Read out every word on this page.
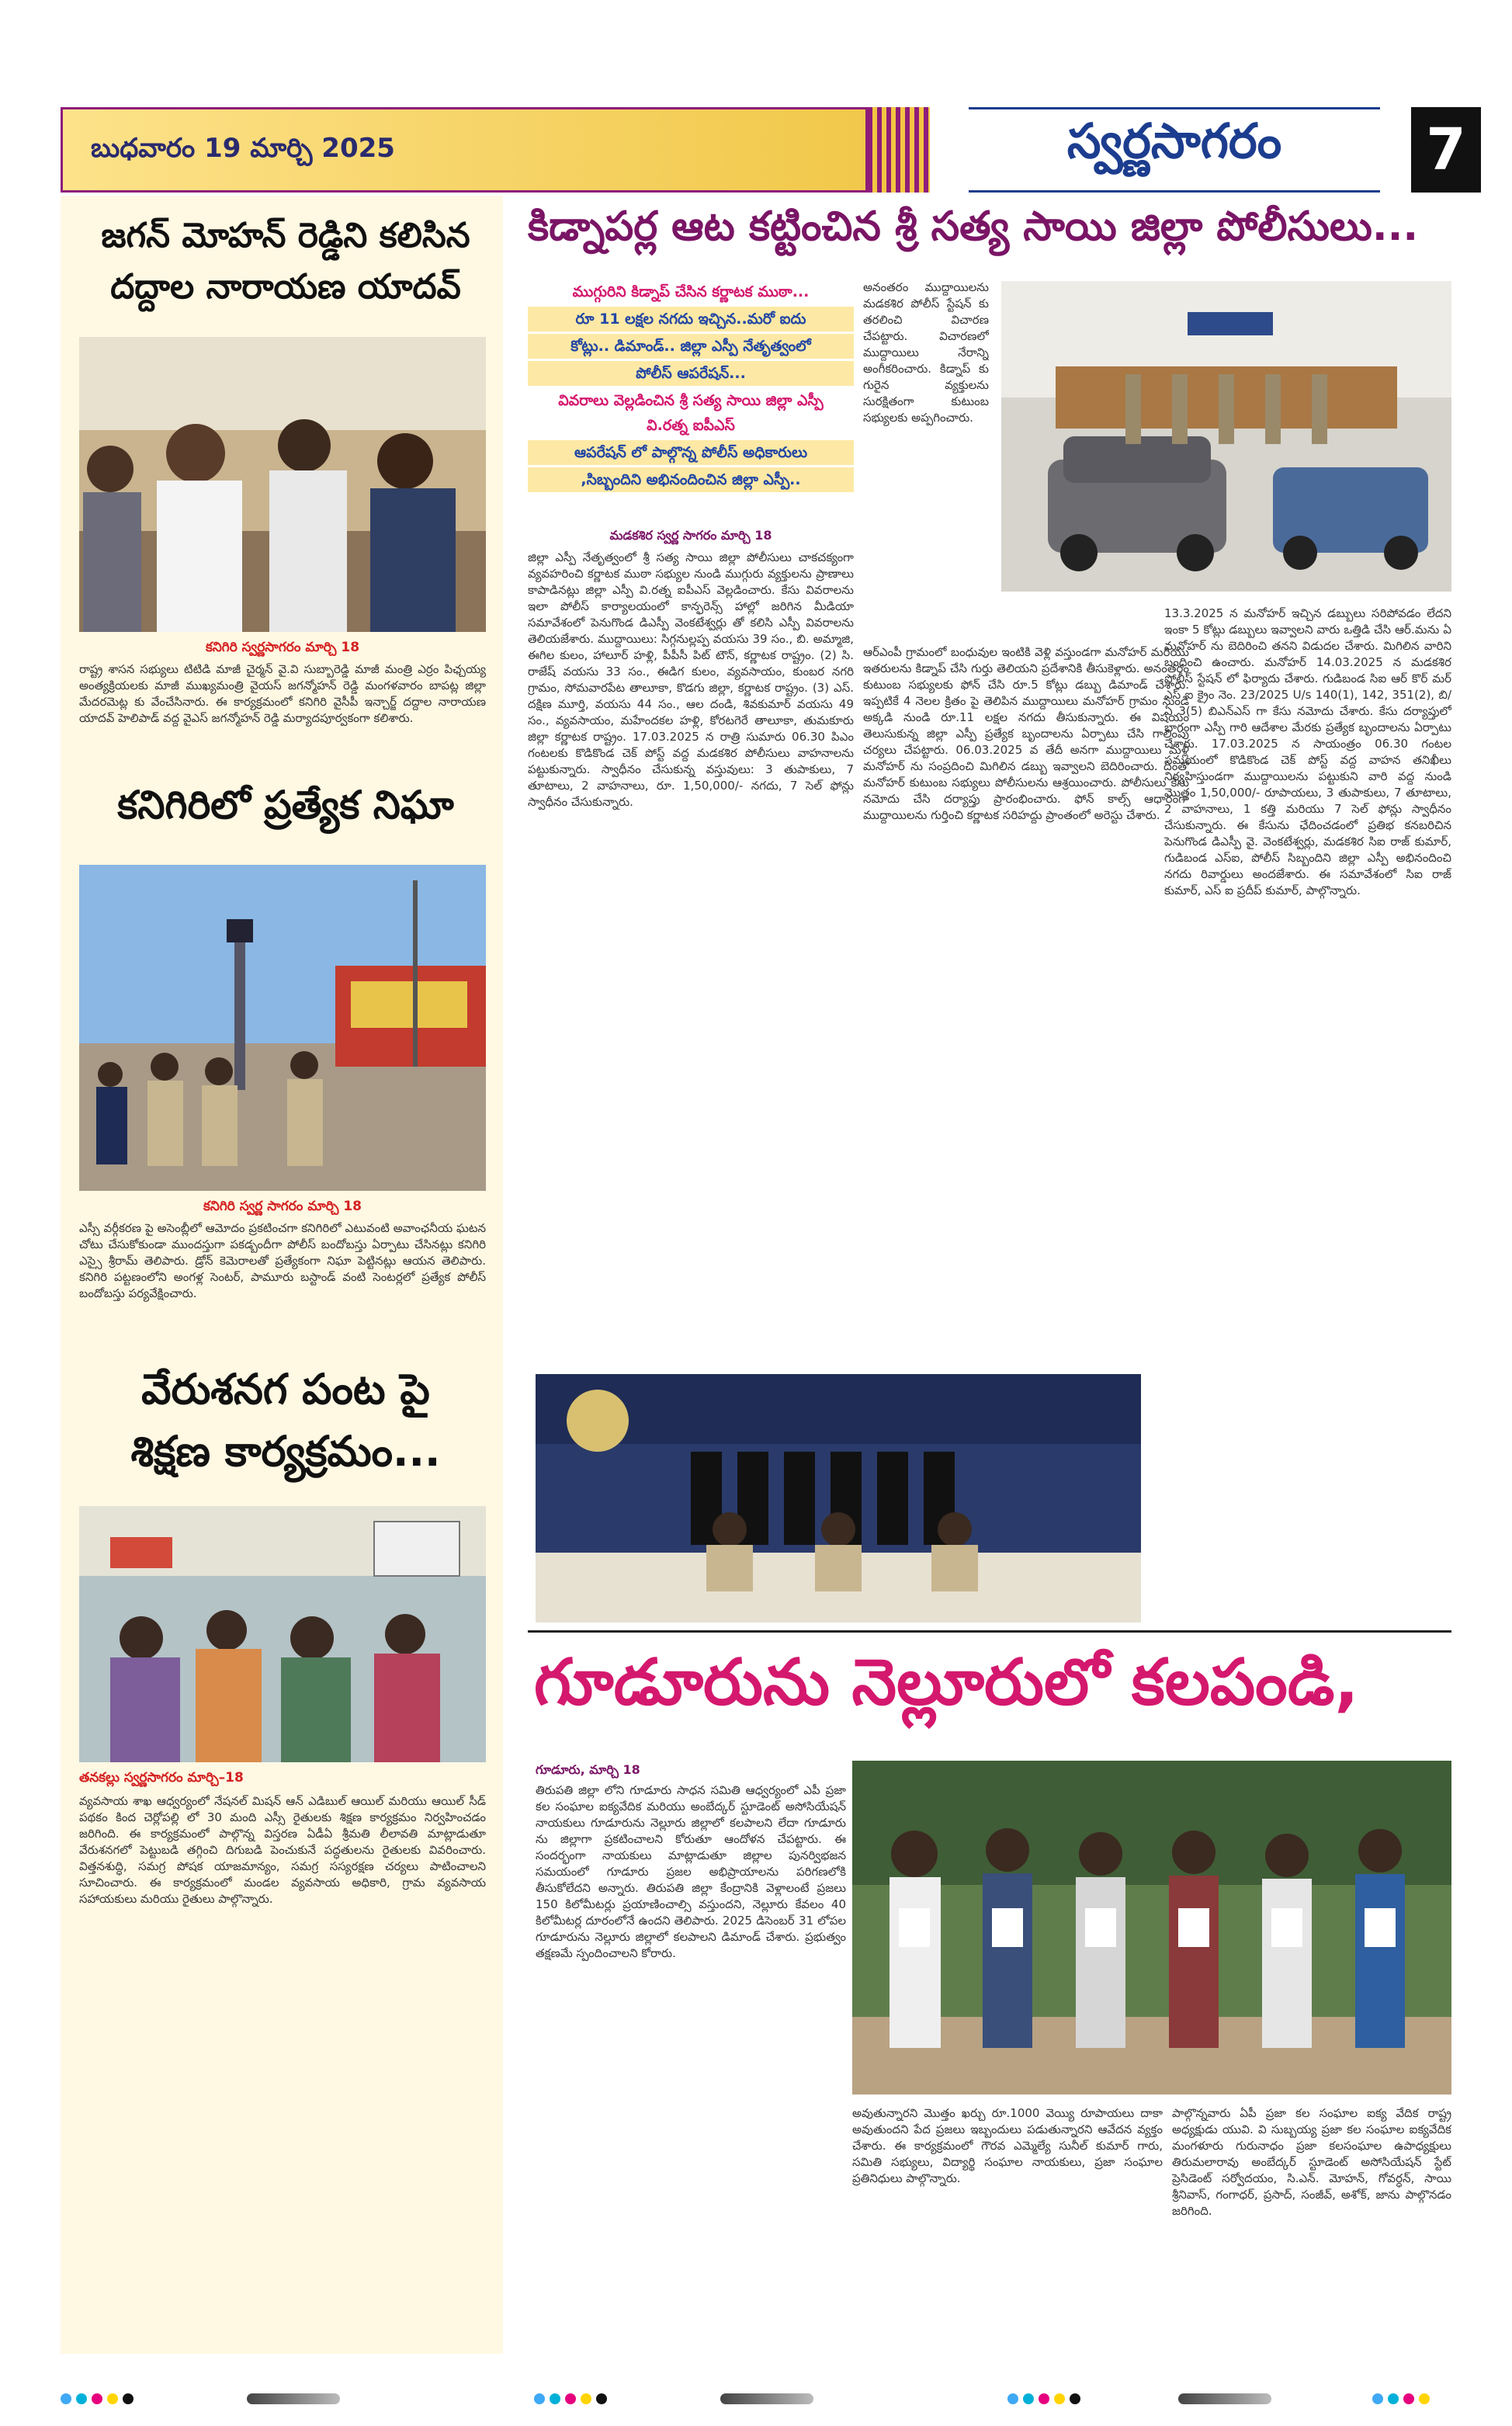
బుధవారం 19 మార్చి 2025	స్వర్ణసాగరం	7
జగన్ మోహన్ రెడ్డిని కలిసిన
దద్దాల నారాయణ యాదవ్
కనిగిరి స్వర్ణసాగరం మార్చి 18
రాష్ట్ర శాసన సభ్యులు టిటిడి మాజీ చైర్మన్ వై.వి సుబ్బారెడ్డి మాజీ మంత్రి ఎర్రం పిఛ్చయ్య అంత్యక్రియలకు మాజీ ముఖ్యమంత్రి వైయస్ జగన్మోహన్ రెడ్డి మంగళవారం బాపట్ల జిల్లా మేదరమెట్ల కు వేంచేసినారు. ఈ కార్యక్రమంలో కనిగిరి వైసీపీ ఇన్చార్జ్ దద్దాల నారాయణ యాదవ్ హెలిపాడ్ వద్ద వైఎస్ జగన్మోహన్ రెడ్డి మర్యాదపూర్వకంగా కలిశారు.
కనిగిరిలో ప్రత్యేక నిఘా
కనిగిరి స్వర్ణ సాగరం మార్చి 18
ఎస్సీ వర్గీకరణ పై అసెంబ్లీలో ఆమోదం ప్రకటించగా కనిగిరిలో ఎటువంటి అవాంఛనీయ ఘటన చోటు చేసుకోకుండా ముందస్తుగా పకడ్బందీగా పోలీస్ బందోబస్తు ఏర్పాటు చేసినట్లు కనిగిరి ఎస్సై శ్రీరామ్ తెలిపారు. డ్రోన్ కెమెరాలతో ప్రత్యేకంగా నిఘా పెట్టినట్లు ఆయన తెలిపారు. కనిగిరి పట్టణంలోని అంగళ్ల సెంటర్, పామూరు బస్టాండ్ వంటి సెంటర్లలో ప్రత్యేక పోలీస్ బందోబస్తు పర్యవేక్షించారు.
వేరుశనగ పంట పై
శిక్షణ కార్యక్రమం...
తనకల్లు స్వర్ణసాగరం మార్చి–18
వ్యవసాయ శాఖ ఆధ్వర్యంలో నేషనల్ మిషన్ ఆన్ ఎడిబుల్ ఆయిల్ మరియు ఆయిల్ సీడ్ పథకం కింద చెర్లోపల్లి లో 30 మంది ఎస్సీ రైతులకు శిక్షణ కార్యక్రమం నిర్వహించడం జరిగింది. ఈ కార్యక్రమంలో పాల్గొన్న విస్తరణ ఏడీఏ శ్రీమతి లీలావతి మాట్లాడుతూ వేరుశనగలో పెట్టుబడి తగ్గించి దిగుబడి పెంచుకునే పద్ధతులను రైతులకు వివరించారు. విత్తనశుద్ధి, సమగ్ర పోషక యాజమాన్యం, సమగ్ర సస్యరక్షణ చర్యలు పాటించాలని సూచించారు. ఈ కార్యక్రమంలో మండల వ్యవసాయ అధికారి, గ్రామ వ్యవసాయ సహాయకులు మరియు రైతులు పాల్గొన్నారు.
కిడ్నాపర్ల ఆట కట్టించిన శ్రీ సత్య సాయి జిల్లా పోలీసులు...
ముగ్గురిని కిడ్నాప్ చేసిన కర్ణాటక ముఠా...
రూ 11 లక్షల నగదు ఇచ్చిన..మరో ఐదు
కోట్లు.. డిమాండ్.. జిల్లా ఎస్పీ నేతృత్వంలో
పోలీస్ ఆపరేషన్...
వివరాలు వెల్లడించిన శ్రీ సత్య సాయి జిల్లా ఎస్పీ
వి.రత్న ఐపీఎస్
ఆపరేషన్ లో పాల్గొన్న పోలీస్ అధికారులు
,సిబ్బందిని అభినందించిన జిల్లా ఎస్పీ..
మడకశిర స్వర్ణ సాగరం మార్చి 18
జిల్లా ఎస్పీ నేతృత్వంలో శ్రీ సత్య సాయి జిల్లా పోలీసులు చాకచక్యంగా వ్యవహరించి కర్ణాటక ముఠా సభ్యుల నుండి ముగ్గురు వ్యక్తులను ప్రాణాలు కాపాడినట్లు జిల్లా ఎస్పీ వి.రత్న ఐపీఎస్ వెల్లడించారు. కేసు వివరాలను ఇలా పోలీస్ కార్యాలయంలో కాన్ఫరెన్స్ హాల్లో జరిగిన మీడియా సమావేశంలో పెనుగొండ డిఎస్పీ వెంకటేశ్వర్లు తో కలిసి ఎస్పీ వివరాలను తెలియజేశారు. ముద్దాయిలు: సిగ్గనుల్లప్ప వయసు 39 సం., బి. అమ్మాజి, ఈగిల కులం, హాలూర్ హళ్లి, పీపీసీ పిట్ టౌన్, కర్ణాటక రాష్ట్రం. (2) సి. రాజేష్ వయసు 33 సం., ఈడిగ కులం, వ్యవసాయం, కుంబర నగరి గ్రామం, సోమవారపేట తాలూకా, కొడగు జిల్లా, కర్ణాటక రాష్ట్రం. (3) ఎస్. దక్షిణ మూర్తి, వయసు 44 సం., ఆల దండి, శివకుమార్ వయసు 49 సం., వ్యవసాయం, మహేందకల హళ్లి, కోరటగెరే తాలూకా, తుమకూరు జిల్లా కర్ణాటక రాష్ట్రం. 17.03.2025 న రాత్రి సుమారు 06.30 పిఎం గంటలకు కొడికొండ చెక్ పోస్ట్ వద్ద మడకశిర పోలీసులు వాహనాలను పట్టుకున్నారు. స్వాధీనం చేసుకున్న వస్తువులు: 3 తుపాకులు, 7 తూటాలు, 2 వాహనాలు, రూ. 1,50,000/- నగదు, 7 సెల్ ఫోన్లు స్వాధీనం చేసుకున్నారు.
అనంతరం ముద్దాయిలను మడకశిర పోలీస్ స్టేషన్ కు తరలించి విచారణ చేపట్టారు. విచారణలో ముద్దాయిలు నేరాన్ని అంగీకరించారు. కిడ్నాప్ కు గురైన వ్యక్తులను సురక్షితంగా కుటుంబ సభ్యులకు అప్పగించారు.
ఆర్ఎంపీ గ్రామంలో బంధువుల ఇంటికి వెళ్లి వస్తుండగా మనోహర్ మరియు ఇతరులను కిడ్నాప్ చేసి గుర్తు తెలియని ప్రదేశానికి తీసుకెళ్లారు. అనంతరం కుటుంబ సభ్యులకు ఫోన్ చేసి రూ.5 కోట్లు డబ్బు డిమాండ్ చేశారు. ఇప్పటికే 4 నెలల క్రితం పై తెలిపిన ముద్దాయిలు మనోహర్ గ్రామం నుండి అక్కడి నుండి రూ.11 లక్షల నగదు తీసుకున్నారు. ఈ విషయం తెలుసుకున్న జిల్లా ఎస్పీ ప్రత్యేక బృందాలను ఏర్పాటు చేసి గాలింపు చర్యలు చేపట్టారు. 06.03.2025 వ తేదీ అనగా ముద్దాయిలు మళ్లీ మనోహర్ ను సంప్రదించి మిగిలిన డబ్బు ఇవ్వాలని బెదిరించారు. దీంతో మనోహర్ కుటుంబ సభ్యులు పోలీసులను ఆశ్రయించారు. పోలీసులు కేసు నమోదు చేసి దర్యాప్తు ప్రారంభించారు. ఫోన్ కాల్స్ ఆధారంగా ముద్దాయిలను గుర్తించి కర్ణాటక సరిహద్దు ప్రాంతంలో అరెస్టు చేశారు.
13.3.2025 న మనోహర్ ఇచ్చిన డబ్బులు సరిపోవడం లేదని ఇంకా 5 కోట్లు డబ్బులు ఇవ్వాలని వారు ఒత్తిడి చేసి ఆర్.మను ఏ మనోహర్ ను బెదిరించి తనని విడుదల చేశారు. మిగిలిన వారిని బంధించి ఉంచారు. మనోహర్ 14.03.2025 న మడకశిర పోలీస్ స్టేషన్ లో ఫిర్యాదు చేశారు. గుడిబండ సిఐ ఆర్ కొర్ మర్ ఎస్ ఐ క్రైం నెం. 23/2025 U/s 140(1), 142, 351(2), బి/ఏ 3(5) బిఎన్ఎస్ గా కేసు నమోదు చేశారు. కేసు దర్యాప్తులో భాగంగా ఎస్పీ గారి ఆదేశాల మేరకు ప్రత్యేక బృందాలను ఏర్పాటు చేశారు. 17.03.2025 న సాయంత్రం 06.30 గంటల సమయంలో కొడికొండ చెక్ పోస్ట్ వద్ద వాహన తనిఖీలు నిర్వహిస్తుండగా ముద్దాయిలను పట్టుకుని వారి వద్ద నుండి మొత్తం 1,50,000/- రూపాయలు, 3 తుపాకులు, 7 తూటాలు, 2 వాహనాలు, 1 కత్తి మరియు 7 సెల్ ఫోన్లు స్వాధీనం చేసుకున్నారు. ఈ కేసును ఛేదించడంలో ప్రతిభ కనబరిచిన పెనుగొండ డిఎస్పీ వై. వెంకటేశ్వర్లు, మడకశిర సిఐ రాజ్ కుమార్, గుడిబండ ఎస్ఐ, పోలీస్ సిబ్బందిని జిల్లా ఎస్పీ అభినందించి నగదు రివార్డులు అందజేశారు. ఈ సమావేశంలో సిఐ రాజ్ కుమార్, ఎస్ ఐ ప్రదీప్ కుమార్, పాల్గొన్నారు.
గూడూరును నెల్లూరులో కలపండి,
గూడూరు, మార్చి 18
తిరుపతి జిల్లా లోని గూడూరు సాధన సమితి ఆధ్వర్యంలో ఎపీ ప్రజా కల సంఘాల ఐక్యవేదిక మరియు అంబేద్కర్ స్టూడెంట్ అసోసియేషన్ నాయకులు గూడూరును నెల్లూరు జిల్లాలో కలపాలని లేదా గూడూరు ను జిల్లాగా ప్రకటించాలని కోరుతూ ఆందోళన చేపట్టారు. ఈ సందర్భంగా నాయకులు మాట్లాడుతూ జిల్లాల పునర్విభజన సమయంలో గూడూరు ప్రజల అభిప్రాయాలను పరిగణలోకి తీసుకోలేదని అన్నారు. తిరుపతి జిల్లా కేంద్రానికి వెళ్లాలంటే ప్రజలు 150 కిలోమీటర్లు ప్రయాణించాల్సి వస్తుందని, నెల్లూరు కేవలం 40 కిలోమీటర్ల దూరంలోనే ఉందని తెలిపారు. 2025 డిసెంబర్ 31 లోపల గూడూరును నెల్లూరు జిల్లాలో కలపాలని డిమాండ్ చేశారు. ప్రభుత్వం తక్షణమే స్పందించాలని కోరారు.
అవుతున్నారని మొత్తం ఖర్చు రూ.1000 వెయ్యి రూపాయలు దాకా అవుతుందని పేద ప్రజలు ఇబ్బందులు పడుతున్నారని ఆవేదన వ్యక్తం చేశారు. ఈ కార్యక్రమంలో గౌరవ ఎమ్మెల్యే సునీల్ కుమార్ గారు, సమితి సభ్యులు, విద్యార్థి సంఘాల నాయకులు, ప్రజా సంఘాల ప్రతినిధులు పాల్గొన్నారు.
పాల్గొన్నవారు ఏపీ ప్రజా కల సంఘాల ఐక్య వేదిక రాష్ట్ర అధ్యక్షుడు యువి. వి సుబ్బయ్య ప్రజా కల సంఘాల ఐక్యవేదిక మంగళూరు గురునాధం ప్రజా కలసంఘాల ఉపాధ్యక్షులు తిరుమలారావు అంబేద్కర్ స్టూడెంట్ అసోసియేషన్ స్టేట్ ప్రెసిడెంట్ సర్వోదయం, సి.ఎన్. మోహన్, గోవర్ధన్, సాయి శ్రీనివాస్, గంగాధర్, ప్రసాద్, సంజీవ్, అశోక్, జాను పాల్గొనడం జరిగింది.
